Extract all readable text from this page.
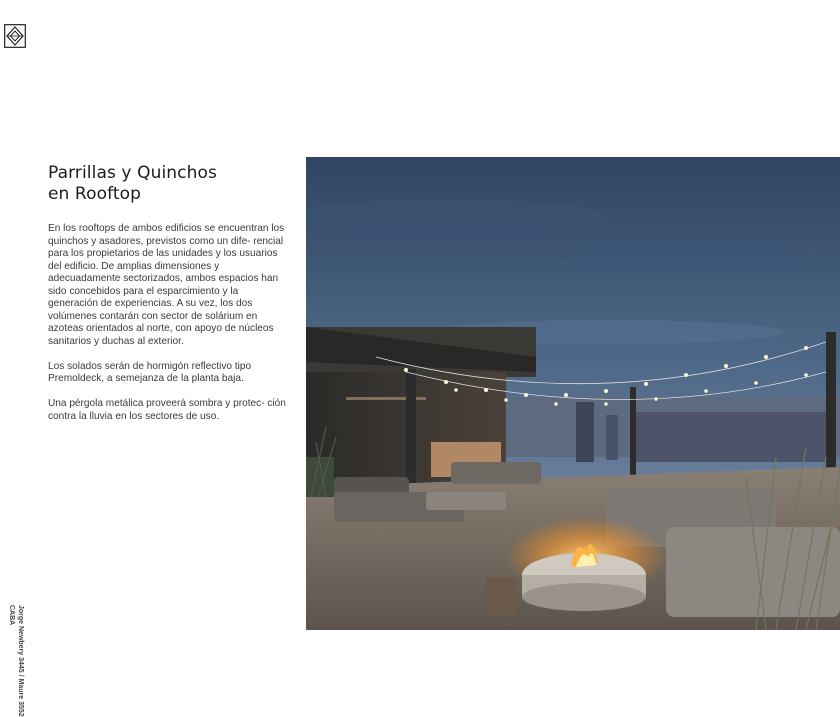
Parrillas y Quinchos
en Rooftop

En los rooftops de ambos edificios se encuentran los quinchos y asadores, previstos como un dife- rencial para los propietarios de las unidades y los usuarios del edificio. De amplias dimensiones y adecuadamente sectorizados, ambos espacios han sido concebidos para el esparcimiento y la generación de experiencias. A su vez, los dos volúmenes contarán con sector de solárium en azoteas orientados al norte, con apoyo de núcleos sanitarios y duchas al exterior.

Los solados serán de hormigón reflectivo tipo Premoldeck, a semejanza de la planta baja.

Una pérgola metálica proveerá sombra y protec- ción contra la lluvia en los sectores de uso.

Jorge Newbery 3445 / Maure 3552
CABA
